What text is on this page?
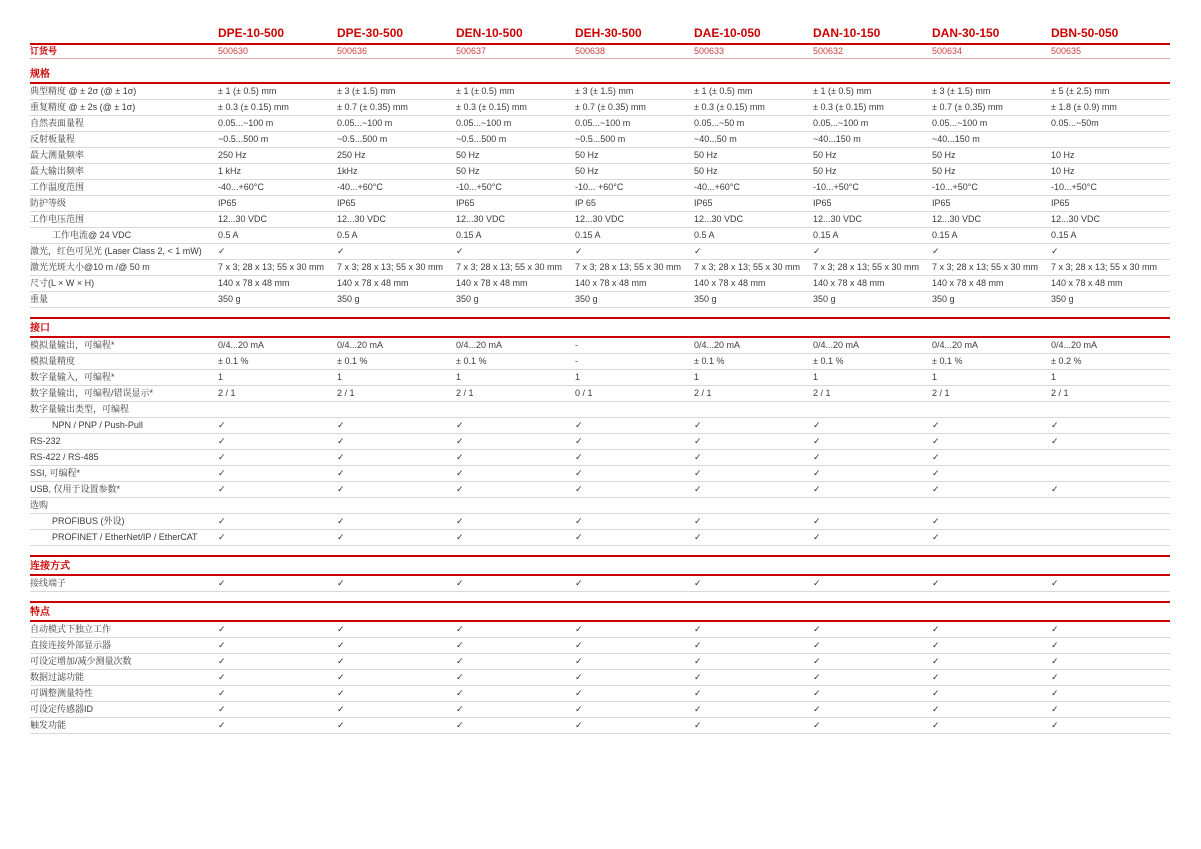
DPE-10-500	DPE-30-500	DEN-10-500	DEH-30-500	DAE-10-050	DAN-10-150	DAN-30-150	DBN-50-050
订货号	500630	500636	500637	500638	500633	500632	500634	500635
规格
典型精度 @ ± 2σ (@ ± 1σ)	± 1 (± 0.5) mm	± 3 (± 1.5) mm	± 1 (± 0.5) mm	± 3 (± 1.5) mm	± 1 (± 0.5) mm	± 1 (± 0.5) mm	± 3 (± 1.5) mm	± 5 (± 2.5) mm
重复精度 @ ± 2s (@ ± 1σ)	± 0.3 (± 0.15) mm	± 0.7 (± 0.35) mm	± 0.3 (± 0.15) mm	± 0.7 (± 0.35) mm	± 0.3 (± 0.15) mm	± 0.3 (± 0.15) mm	± 0.7 (± 0.35) mm	± 1.8 (± 0.9) mm
自然表面量程	0.05...~100 m	0.05...~100 m	0.05...~100 m	0.05...~100 m	0.05...~50 m	0.05...~100 m	0.05...~100 m	0.05...~50m
反射板量程	~0.5...500 m	~0.5...500 m	~0.5...500 m	~0.5...500 m	~40...50 m	~40...150 m	~40...150 m
最大测量频率	250 Hz	250 Hz	50 Hz	50 Hz	50 Hz	50 Hz	50 Hz	10 Hz
最大输出频率	1 kHz	1kHz	50 Hz	50 Hz	50 Hz	50 Hz	50 Hz	10 Hz
工作温度范围	-40...+60°C	-40...+60°C	-10...+50°C	-10... +60°C	-40...+60°C	-10...+50°C	-10...+50°C	-10...+50°C
防护等级	IP65	IP65	IP65	IP 65	IP65	IP65	IP65	IP65
工作电压范围	12...30 VDC	12...30 VDC	12...30 VDC	12...30 VDC	12...30 VDC	12...30 VDC	12...30 VDC	12...30 VDC
工作电流@ 24 VDC	0.5 A	0.5 A	0.15 A	0.15 A	0.5 A	0.15 A	0.15 A	0.15 A
激光，红色可见光 (Laser Class 2, < 1 mW)	✓	✓	✓	✓	✓	✓	✓	✓
激光光斑大小@10 m /@ 50 m	7 x 3; 28 x 13; 55 x 30 mm	7 x 3; 28 x 13; 55 x 30 mm	7 x 3; 28 x 13; 55 x 30 mm	7 x 3; 28 x 13; 55 x 30 mm	7 x 3; 28 x 13; 55 x 30 mm	7 x 3; 28 x 13; 55 x 30 mm	7 x 3; 28 x 13; 55 x 30 mm	7 x 3; 28 x 13; 55 x 30 mm
尺寸(L × W × H)	140 x 78 x 48 mm	140 x 78 x 48 mm	140 x 78 x 48 mm	140 x 78 x 48 mm	140 x 78 x 48 mm	140 x 78 x 48 mm	140 x 78 x 48 mm	140 x 78 x 48 mm
重量	350 g	350 g	350 g	350 g	350 g	350 g	350 g	350 g
接口
模拟量输出，可编程*	0/4...20 mA	0/4...20 mA	0/4...20 mA	-	0/4...20 mA	0/4...20 mA	0/4...20 mA	0/4...20 mA
模拟量精度	± 0.1 %	± 0.1 %	± 0.1 %	-	± 0.1 %	± 0.1 %	± 0.1 %	± 0.2 %
数字量输入，可编程*	1	1	1	1	1	1	1	1
数字量输出，可编程/错误显示*	2 / 1	2 / 1	2 / 1	0 / 1	2 / 1	2 / 1	2 / 1	2 / 1
数字量输出类型，可编程
NPN / PNP / Push-Pull	✓	✓	✓	✓	✓	✓	✓	✓
RS-232	✓	✓	✓	✓	✓	✓	✓	✓
RS-422 / RS-485	✓	✓	✓	✓	✓	✓	✓
SSI, 可编程*	✓	✓	✓	✓	✓	✓	✓
USB, 仅用于设置参数*	✓	✓	✓	✓	✓	✓	✓	✓
选购
PROFIBUS (外设)	✓	✓	✓	✓	✓	✓	✓
PROFINET / EtherNet/IP / EtherCAT	✓	✓	✓	✓	✓	✓	✓
连接方式
接线端子	✓	✓	✓	✓	✓	✓	✓	✓
特点
自动模式下独立工作	✓	✓	✓	✓	✓	✓	✓	✓
直接连接外部显示器	✓	✓	✓	✓	✓	✓	✓	✓
可设定增加/减少测量次数	✓	✓	✓	✓	✓	✓	✓	✓
数据过滤功能	✓	✓	✓	✓	✓	✓	✓	✓
可调整测量特性	✓	✓	✓	✓	✓	✓	✓	✓
可设定传感器ID	✓	✓	✓	✓	✓	✓	✓	✓
触发功能	✓	✓	✓	✓	✓	✓	✓	✓
